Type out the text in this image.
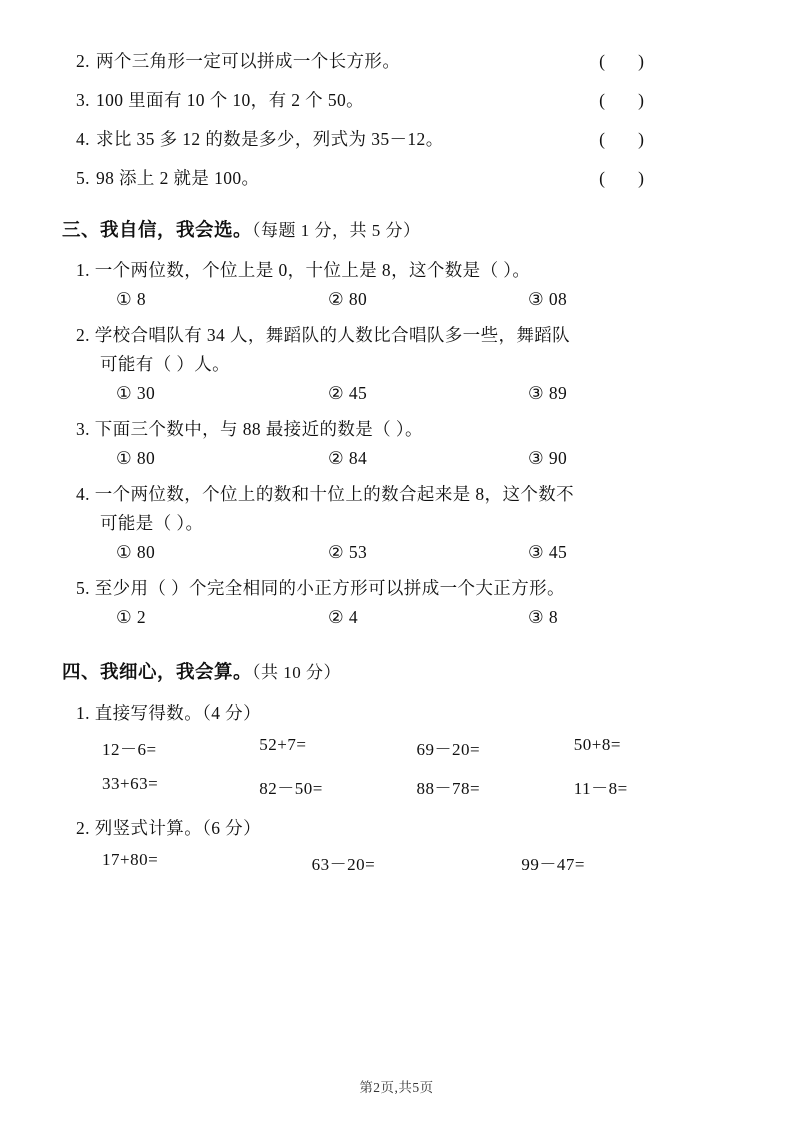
2. 两个三角形一定可以拼成一个长方形。	(      )
3. 100 里面有 10 个 10，有 2 个 50。	(      )
4. 求比 35 多 12 的数是多少，列式为 35－12。	(      )
5. 98 添上 2 就是 100。	(      )
三、我自信，我会选。（每题 1 分，共 5 分）
1. 一个两位数，个位上是 0，十位上是 8，这个数是（ ）。
① 8	② 80	③ 08
2. 学校合唱队有 34 人，舞蹈队的人数比合唱队多一些，舞蹈队
可能有（ ）人。
① 30	② 45	③ 89
3. 下面三个数中，与 88 最接近的数是（ ）。
① 80	② 84	③ 90
4. 一个两位数，个位上的数和十位上的数合起来是 8，这个数不
可能是（ ）。
① 80	② 53	③ 45
5. 至少用（ ）个完全相同的小正方形可以拼成一个大正方形。
① 2	② 4	③ 8
四、我细心，我会算。（共 10 分）
1. 直接写得数。（4 分）
12－6=	52+7=	69－20=	50+8=
33+63=	82－50=	88－78=	11－8=
2. 列竖式计算。（6 分）
17+80=	63－20=	99－47=
第2页,共5页
